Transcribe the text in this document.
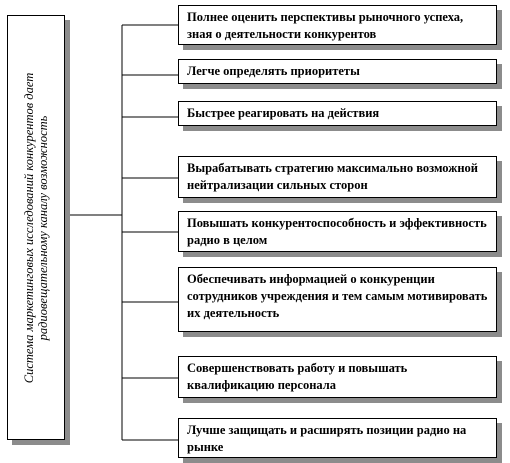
Система маркетинговых исследований конкурентов дает радиовещательному каналу возможность
Полнее оценить перспективы рыночного успеха, зная о деятельности конкурентов
Легче определять приоритеты
Быстрее реагировать на действия
Вырабатывать стратегию максимально возможной нейтрализации сильных сторон
Повышать конкурентоспособность и эффективность радио в целом
Обеспечивать информацией о конкуренции сотрудников учреждения и тем самым мотивировать их деятельность
Совершенствовать работу и повышать квалификацию персонала
Лучше защищать и расширять позиции радио на рынке
